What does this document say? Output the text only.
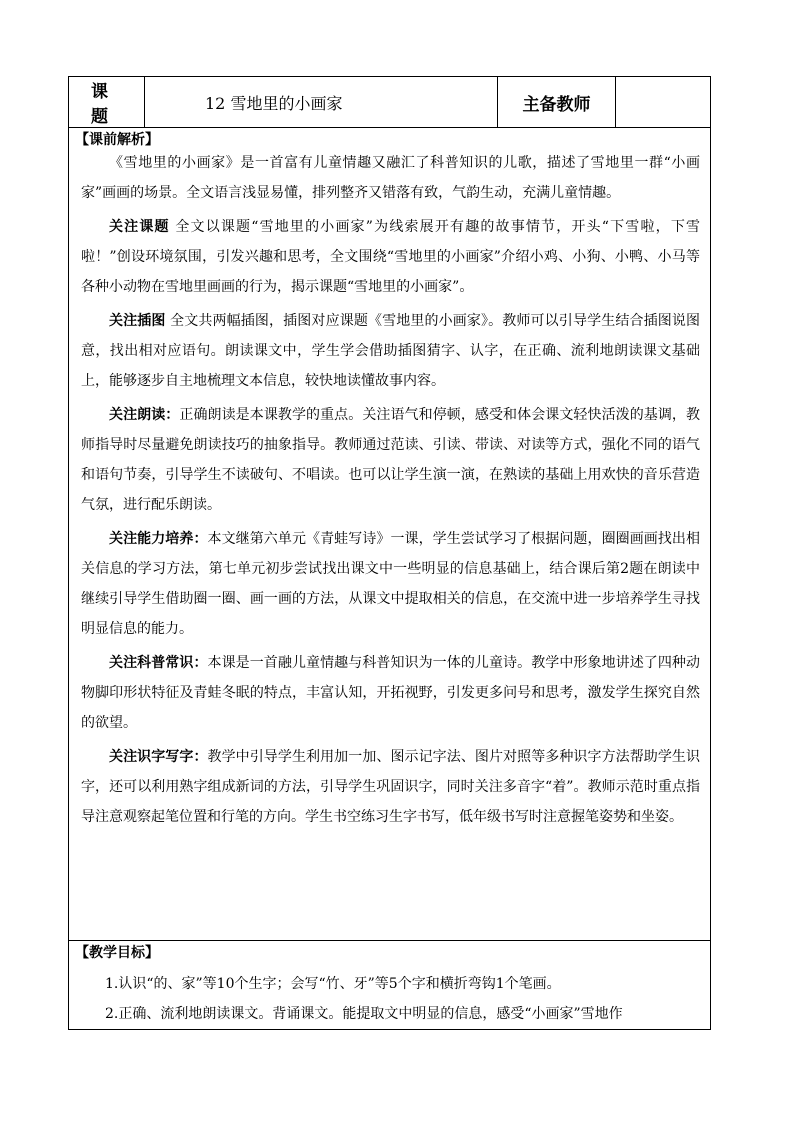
课 题	12 雪地里的小画家	主备教师	
【课前解析】

《雪地里的小画家》是一首富有儿童情趣又融汇了科普知识的儿歌，描述了雪地里一群“小画家”画画的场景。全文语言浅显易懂，排列整齐又错落有致，气韵生动，充满儿童情趣。

关注课题 全文以课题“雪地里的小画家”为线索展开有趣的故事情节，开头“下雪啦，下雪啦！”创设环境氛围，引发兴趣和思考，全文围绕“雪地里的小画家”介绍小鸡、小狗、小鸭、小马等各种小动物在雪地里画画的行为，揭示课题“雪地里的小画家”。

关注插图 全文共两幅插图，插图对应课题《雪地里的小画家》。教师可以引导学生结合插图说图意，找出相对应语句。朗读课文中，学生学会借助插图猜字、认字，在正确、流利地朗读课文基础上，能够逐步自主地梳理文本信息，较快地读懂故事内容。

关注朗读：正确朗读是本课教学的重点。关注语气和停顿，感受和体会课文轻快活泼的基调，教师指导时尽量避免朗读技巧的抽象指导。教师通过范读、引读、带读、对读等方式，强化不同的语气和语句节奏，引导学生不读破句、不唱读。也可以让学生演一演，在熟读的基础上用欢快的音乐营造气氛，进行配乐朗读。

关注能力培养：本文继第六单元《青蛙写诗》一课，学生尝试学习了根据问题，圈圈画画找出相关信息的学习方法，第七单元初步尝试找出课文中一些明显的信息基础上，结合课后第2题在朗读中继续引导学生借助圈一圈、画一画的方法，从课文中提取相关的信息，在交流中进一步培养学生寻找明显信息的能力。

关注科普常识：本课是一首融儿童情趣与科普知识为一体的儿童诗。教学中形象地讲述了四种动物脚印形状特征及青蛙冬眠的特点，丰富认知，开拓视野，引发更多问号和思考，激发学生探究自然的欲望。

关注识字写字：教学中引导学生利用加一加、图示记字法、图片对照等多种识字方法帮助学生识字，还可以利用熟字组成新词的方法，引导学生巩固识字，同时关注多音字“着”。教师示范时重点指导注意观察起笔位置和行笔的方向。学生书空练习生字书写，低年级书写时注意握笔姿势和坐姿。

【教学目标】

1.认识“的、家”等10个生字；会写“竹、牙”等5个字和横折弯钩1个笔画。

2.正确、流利地朗读课文。背诵课文。能提取文中明显的信息，感受“小画家”雪地作
